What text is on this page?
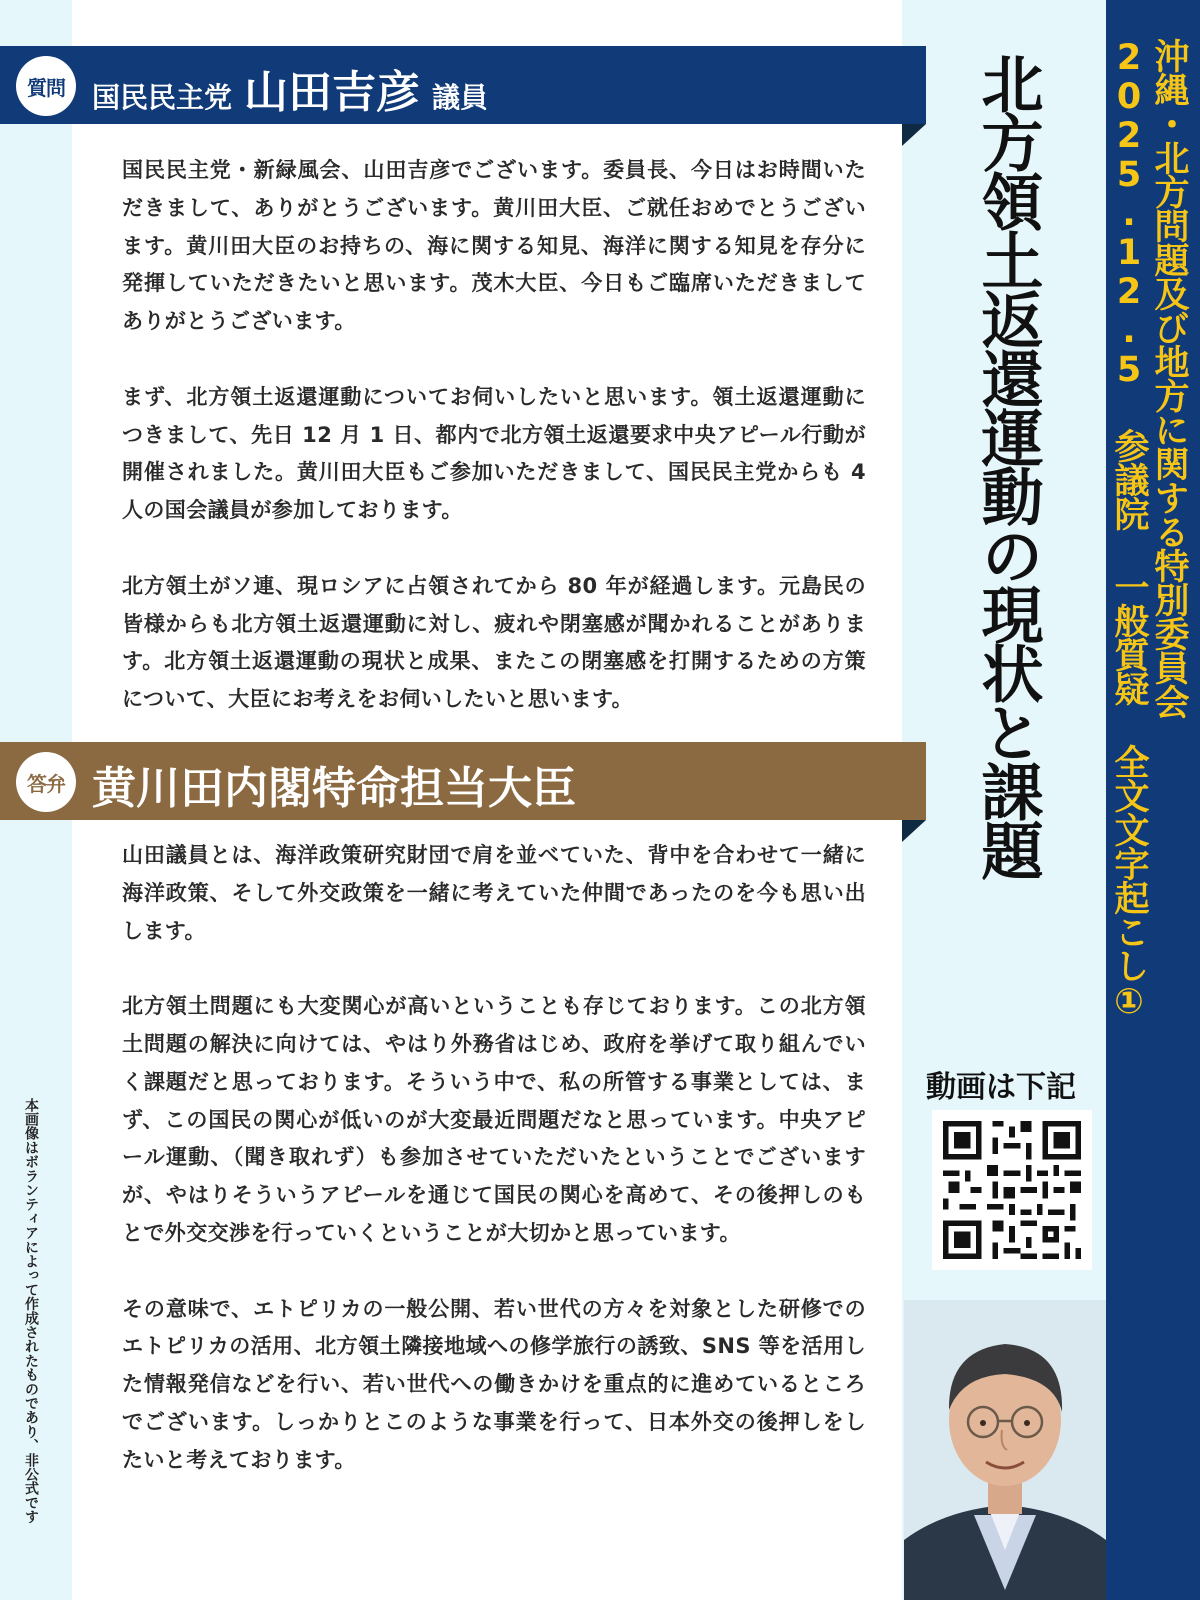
沖縄・北方問題及び地方に関する特別委員会
2025.12.5 参議院 一般質疑 全文文字起こし①
北方領土返還運動の現状と課題
質問 国民民主党 山田吉彦 議員

国民民主党・新緑風会、山田吉彦でございます。委員長、今日はお時間いただきまして、ありがとうございます。黄川田大臣、ご就任おめでとうございます。黄川田大臣のお持ちの、海に関する知見、海洋に関する知見を存分に発揮していただきたいと思います。茂木大臣、今日もご臨席いただきましてありがとうございます。

まず、北方領土返還運動についてお伺いしたいと思います。領土返還運動につきまして、先日 12 月 1 日、都内で北方領土返還要求中央アピール行動が開催されました。黄川田大臣もご参加いただきまして、国民民主党からも 4 人の国会議員が参加しております。

北方領土がソ連、現ロシアに占領されてから 80 年が経過します。元島民の皆様からも北方領土返還運動に対し、疲れや閉塞感が聞かれることがあります。北方領土返還運動の現状と成果、またこの閉塞感を打開するための方策について、大臣にお考えをお伺いしたいと思います。

答弁 黄川田内閣特命担当大臣

山田議員とは、海洋政策研究財団で肩を並べていた、背中を合わせて一緒に海洋政策、そして外交政策を一緒に考えていた仲間であったのを今も思い出します。

北方領土問題にも大変関心が高いということも存じております。この北方領土問題の解決に向けては、やはり外務省はじめ、政府を挙げて取り組んでいく課題だと思っております。そういう中で、私の所管する事業としては、まず、この国民の関心が低いのが大変最近問題だなと思っています。中央アピール運動、（聞き取れず）も参加させていただいたということでございますが、やはりそういうアピールを通じて国民の関心を高めて、その後押しのもとで外交交渉を行っていくということが大切かと思っています。

その意味で、エトピリカの一般公開、若い世代の方々を対象とした研修でのエトピリカの活用、北方領土隣接地域への修学旅行の誘致、SNS 等を活用した情報発信などを行い、若い世代への働きかけを重点的に進めているところでございます。しっかりとこのような事業を行って、日本外交の後押しをしたいと考えております。

本画像はボランティアによって作成されたものであり、非公式です
動画は下記
